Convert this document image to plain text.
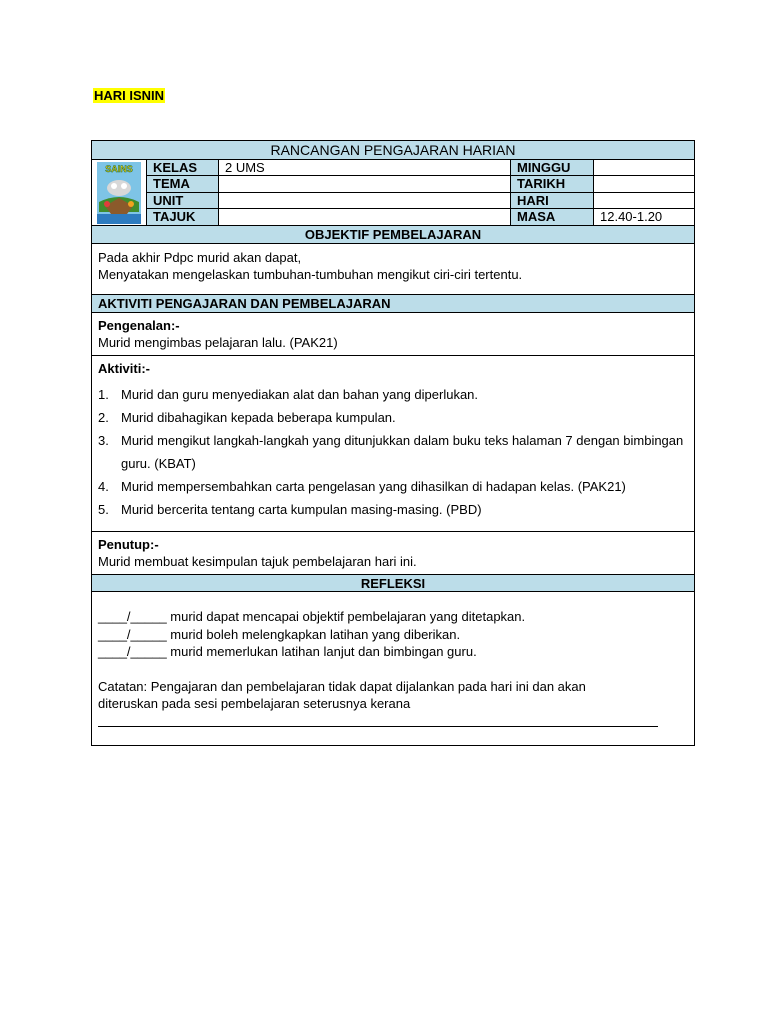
HARI ISNIN
RANCANGAN PENGAJARAN HARIAN
SAINS	KELAS	2 UMS	MINGGU
TEMA	TARIKH
UNIT	HARI
TAJUK	MASA	12.40-1.20
OBJEKTIF PEMBELAJARAN
Pada akhir Pdpc murid akan dapat,
Menyatakan mengelaskan tumbuhan-tumbuhan mengikut ciri-ciri tertentu.
AKTIVITI PENGAJARAN DAN PEMBELAJARAN
Pengenalan:-
Murid mengimbas pelajaran lalu. (PAK21)
Aktiviti:-
1. Murid dan guru menyediakan alat dan bahan yang diperlukan.
2. Murid dibahagikan kepada beberapa kumpulan.
3. Murid mengikut langkah-langkah yang ditunjukkan dalam buku teks halaman 7 dengan bimbingan guru. (KBAT)
4. Murid mempersembahkan carta pengelasan yang dihasilkan di hadapan kelas. (PAK21)
5. Murid bercerita tentang carta kumpulan masing-masing. (PBD)
Penutup:-
Murid membuat kesimpulan tajuk pembelajaran hari ini.
REFLEKSI

____/_____ murid dapat mencapai objektif pembelajaran yang ditetapkan.

____/_____ murid boleh melengkapkan latihan yang diberikan.

____/_____ murid memerlukan latihan lanjut dan bimbingan guru.

Catatan: Pengajaran dan pembelajaran tidak dapat dijalankan pada hari ini dan akan

diteruskan pada sesi pembelajaran seterusnya kerana
